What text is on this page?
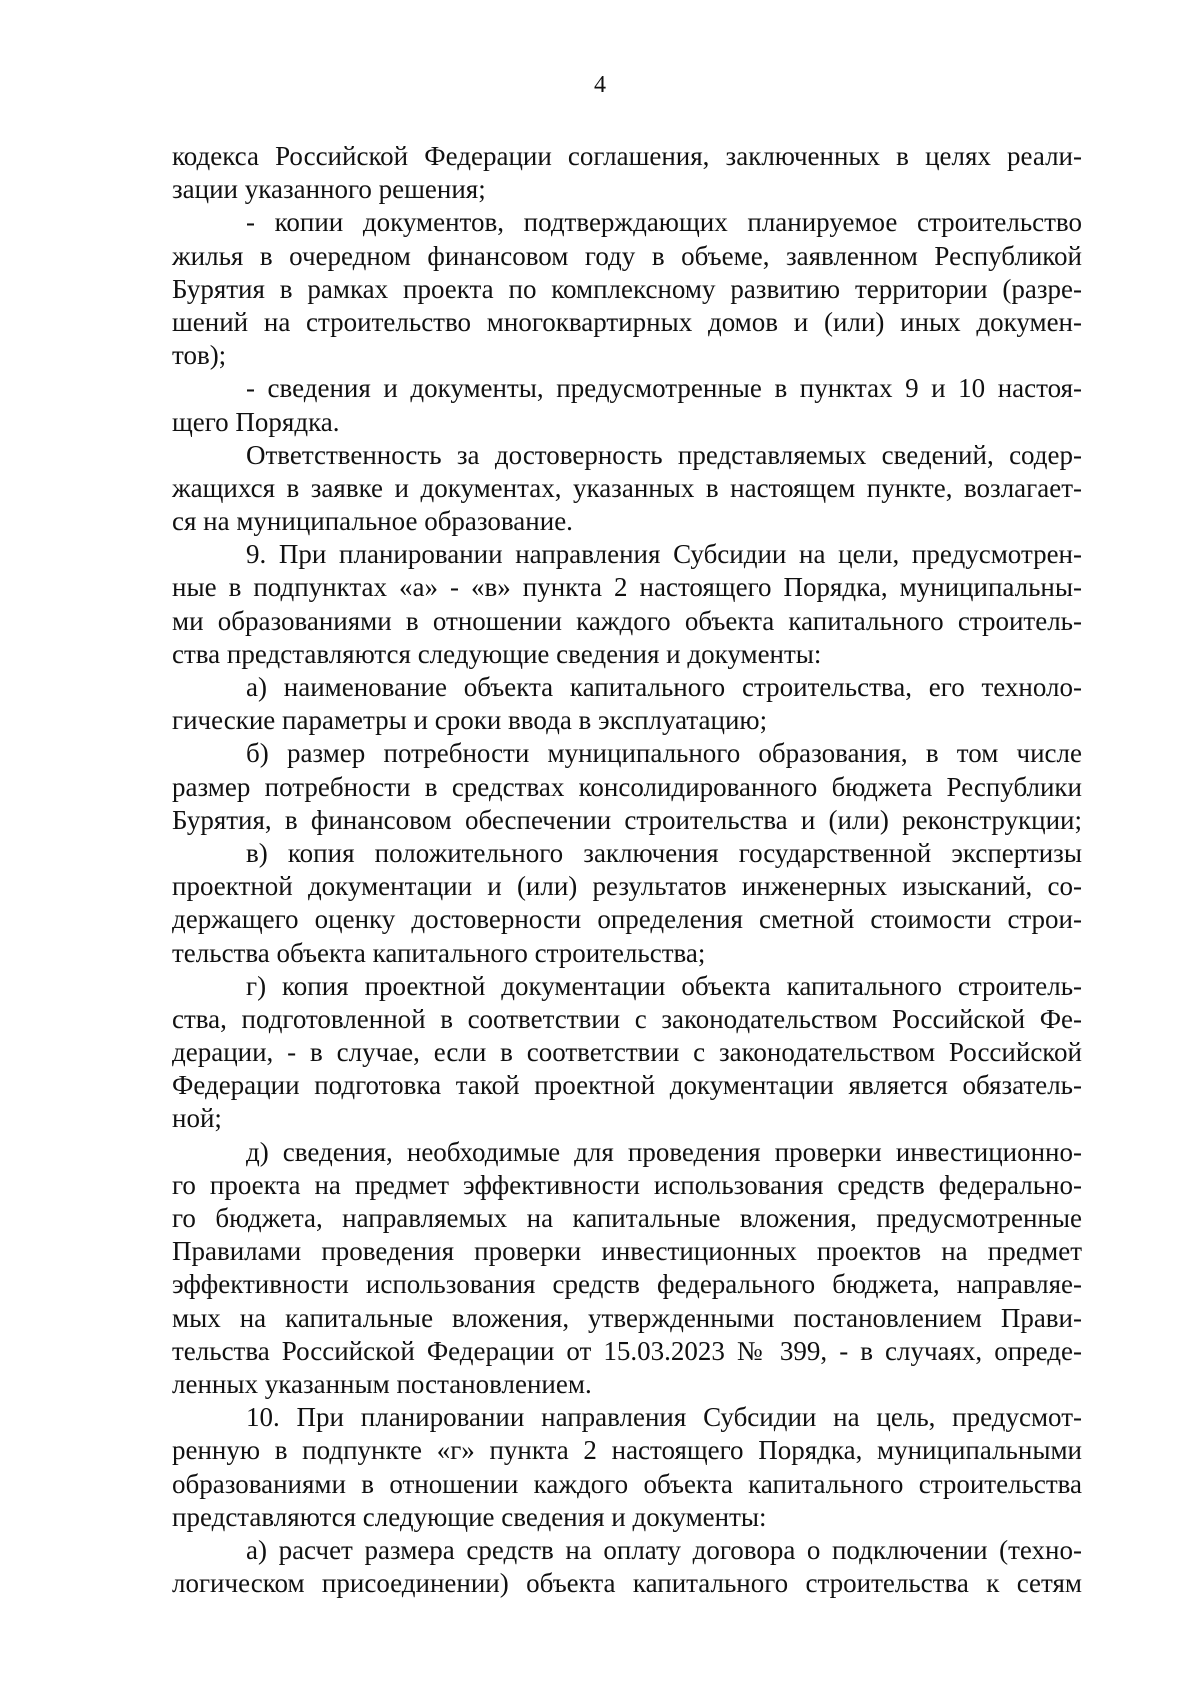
4
кодекса Российской Федерации соглашения, заключенных в целях реали-
зации указанного решения;
- копии документов, подтверждающих планируемое строительство
жилья в очередном финансовом году в объеме, заявленном Республикой
Бурятия в рамках проекта по комплексному развитию территории (разре-
шений на строительство многоквартирных домов и (или) иных докумен-
тов);
- сведения и документы, предусмотренные в пунктах 9 и 10 настоя-
щего Порядка.
Ответственность за достоверность представляемых сведений, содер-
жащихся в заявке и документах, указанных в настоящем пункте, возлагает-
ся на муниципальное образование.
9. При планировании направления Субсидии на цели, предусмотрен-
ные в подпунктах «а» - «в» пункта 2 настоящего Порядка, муниципальны-
ми образованиями в отношении каждого объекта капитального строитель-
ства представляются следующие сведения и документы:
а) наименование объекта капитального строительства, его техноло-
гические параметры и сроки ввода в эксплуатацию;
б) размер потребности муниципального образования, в том числе
размер потребности в средствах консолидированного бюджета Республики
Бурятия, в финансовом обеспечении строительства и (или) реконструкции;
в) копия положительного заключения государственной экспертизы
проектной документации и (или) результатов инженерных изысканий, со-
держащего оценку достоверности определения сметной стоимости строи-
тельства объекта капитального строительства;
г) копия проектной документации объекта капитального строитель-
ства, подготовленной в соответствии с законодательством Российской Фе-
дерации, - в случае, если в соответствии с законодательством Российской
Федерации подготовка такой проектной документации является обязатель-
ной;
д) сведения, необходимые для проведения проверки инвестиционно-
го проекта на предмет эффективности использования средств федерально-
го бюджета, направляемых на капитальные вложения, предусмотренные
Правилами проведения проверки инвестиционных проектов на предмет
эффективности использования средств федерального бюджета, направляе-
мых на капитальные вложения, утвержденными постановлением Прави-
тельства Российской Федерации от 15.03.2023 № 399, - в случаях, опреде-
ленных указанным постановлением.
10. При планировании направления Субсидии на цель, предусмот-
ренную в подпункте «г» пункта 2 настоящего Порядка, муниципальными
образованиями в отношении каждого объекта капитального строительства
представляются следующие сведения и документы:
а) расчет размера средств на оплату договора о подключении (техно-
логическом присоединении) объекта капитального строительства к сетям
